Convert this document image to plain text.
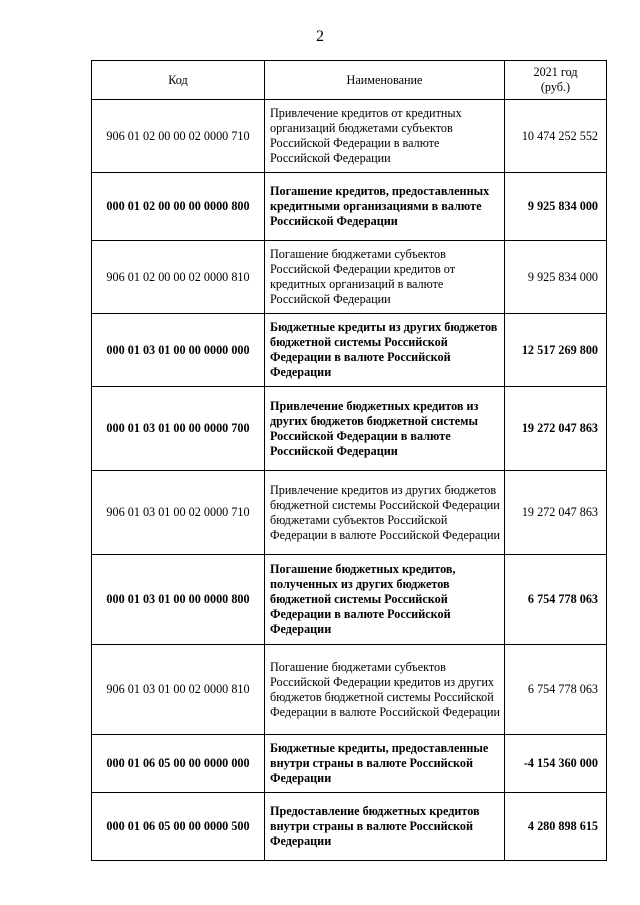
2
Код	Наименование	2021 год
(руб.)
906 01 02 00 00 02 0000 710	Привлечение кредитов от кредитных организаций бюджетами субъектов Российской Федерации в валюте Российской Федерации	10 474 252 552
000 01 02 00 00 00 0000 800	Погашение кредитов, предоставленных кредитными организациями в валюте Российской Федерации	9 925 834 000
906 01 02 00 00 02 0000 810	Погашение бюджетами субъектов Российской Федерации кредитов от кредитных организаций в валюте Российской Федерации	9 925 834 000
000 01 03 01 00 00 0000 000	Бюджетные кредиты из других бюджетов бюджетной системы Российской Федерации в валюте Российской Федерации	12 517 269 800
000 01 03 01 00 00 0000 700	Привлечение бюджетных кредитов из других бюджетов бюджетной системы Российской Федерации в валюте Российской Федерации	19 272 047 863
906 01 03 01 00 02 0000 710	Привлечение кредитов из других бюджетов бюджетной системы Российской Федерации бюджетами субъектов Российской Федерации в валюте Российской Федерации	19 272 047 863
000 01 03 01 00 00 0000 800	Погашение бюджетных кредитов, полученных из других бюджетов бюджетной системы Российской Федерации в валюте Российской Федерации	6 754 778 063
906 01 03 01 00 02 0000 810	Погашение бюджетами субъектов Российской Федерации кредитов из других бюджетов бюджетной системы Российской Федерации в валюте Российской Федерации	6 754 778 063
000 01 06 05 00 00 0000 000	Бюджетные кредиты, предоставленные внутри страны в валюте Российской Федерации	-4 154 360 000
000 01 06 05 00 00 0000 500	Предоставление бюджетных кредитов внутри страны в валюте Российской Федерации	4 280 898 615
